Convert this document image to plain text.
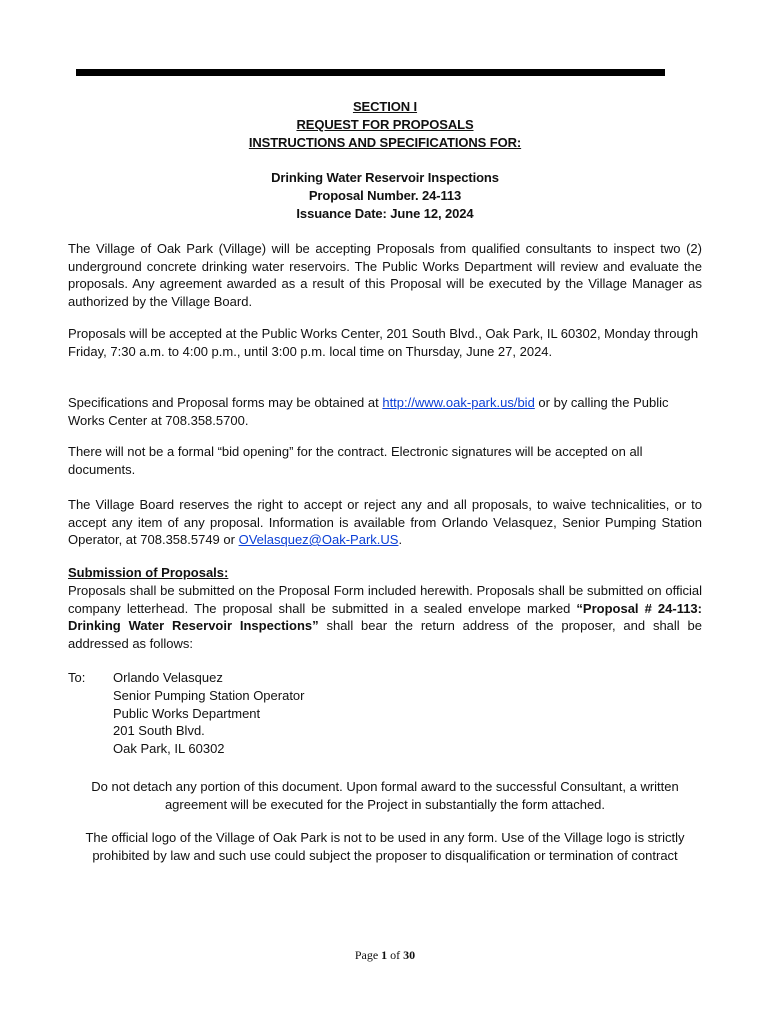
SECTION I
REQUEST FOR PROPOSALS
INSTRUCTIONS AND SPECIFICATIONS FOR:
Drinking Water Reservoir Inspections
Proposal Number. 24-113
Issuance Date: June 12, 2024
The Village of Oak Park (Village) will be accepting Proposals from qualified consultants to inspect two (2) underground concrete drinking water reservoirs. The Public Works Department will review and evaluate the proposals. Any agreement awarded as a result of this Proposal will be executed by the Village Manager as authorized by the Village Board.
Proposals will be accepted at the Public Works Center, 201 South Blvd., Oak Park, IL 60302, Monday through Friday, 7:30 a.m. to 4:00 p.m., until 3:00 p.m. local time on Thursday, June 27, 2024.
Specifications and Proposal forms may be obtained at http://www.oak-park.us/bid or by calling the Public Works Center at 708.358.5700.
There will not be a formal “bid opening” for the contract. Electronic signatures will be accepted on all documents.
The Village Board reserves the right to accept or reject any and all proposals, to waive technicalities, or to accept any item of any proposal. Information is available from Orlando Velasquez, Senior Pumping Station Operator, at 708.358.5749 or OVelasquez@Oak-Park.US.
Submission of Proposals:
Proposals shall be submitted on the Proposal Form included herewith. Proposals shall be submitted on official company letterhead. The proposal shall be submitted in a sealed envelope marked “Proposal # 24-113: Drinking Water Reservoir Inspections” shall bear the return address of the proposer, and shall be addressed as follows:
To:	Orlando Velasquez
Senior Pumping Station Operator
Public Works Department
201 South Blvd.
Oak Park, IL 60302
Do not detach any portion of this document. Upon formal award to the successful Consultant, a written agreement will be executed for the Project in substantially the form attached.
The official logo of the Village of Oak Park is not to be used in any form. Use of the Village logo is strictly prohibited by law and such use could subject the proposer to disqualification or termination of contract
Page 1 of 30
